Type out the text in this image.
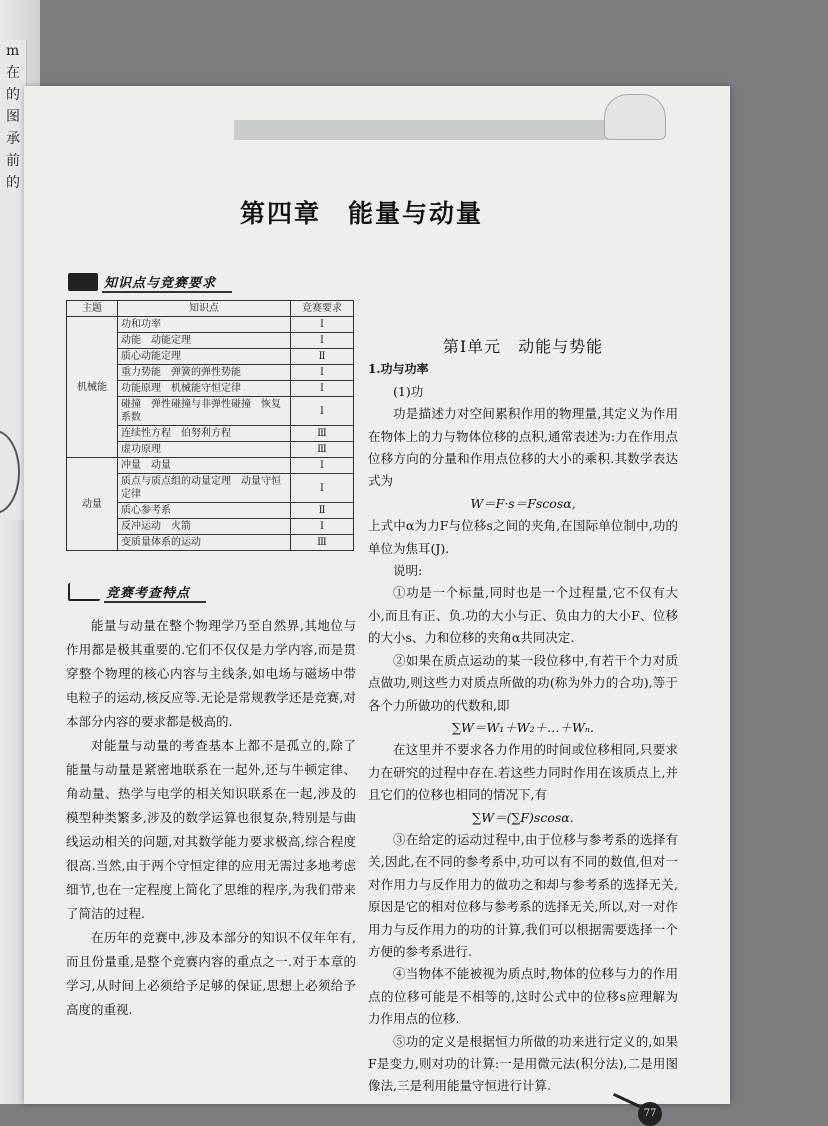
m
在
的
图
承
前
的
第四章　能量与动量
知识点与竞赛要求
主题	知识点	竞赛要求
机械能	功和功率	Ⅰ
	动能　动能定理	Ⅰ
	质心动能定理	Ⅱ
	重力势能　弹簧的弹性势能	Ⅰ
	功能原理　机械能守恒定律	Ⅰ
	碰撞　弹性碰撞与非弹性碰撞　恢复系数	Ⅰ
	连续性方程　伯努利方程	Ⅲ
	虚功原理	Ⅲ
动量	冲量　动量	Ⅰ
	质点与质点组的动量定理　动量守恒定律	Ⅰ
	质心参考系	Ⅱ
	反冲运动　火箭	Ⅰ
	变质量体系的运动	Ⅲ
竞赛考查特点

能量与动量在整个物理学乃至自然界,其地位与作用都是极其重要的.它们不仅仅是力学内容,而是贯穿整个物理的核心内容与主线条,如电场与磁场中带电粒子的运动,核反应等.无论是常规教学还是竞赛,对本部分内容的要求都是极高的.

对能量与动量的考查基本上都不是孤立的,除了能量与动量是紧密地联系在一起外,还与牛顿定律、角动量、热学与电学的相关知识联系在一起,涉及的模型种类繁多,涉及的数学运算也很复杂,特别是与曲线运动相关的问题,对其数学能力要求极高,综合程度很高.当然,由于两个守恒定律的应用无需过多地考虑细节,也在一定程度上简化了思维的程序,为我们带来了简洁的过程.

在历年的竞赛中,涉及本部分的知识不仅年年有,而且份量重,是整个竞赛内容的重点之一.对于本章的学习,从时间上必须给予足够的保证,思想上必须给予高度的重视.

第Ⅰ单元　动能与势能

1.功与功率

(1)功

功是描述力对空间累积作用的物理量,其定义为作用在物体上的力与物体位移的点积,通常表述为:力在作用点位移方向的分量和作用点位移的大小的乘积.其数学表达式为

W＝F·s＝Fscosα,

上式中α为力F与位移s之间的夹角,在国际单位制中,功的单位为焦耳(J).

说明:

①功是一个标量,同时也是一个过程量,它不仅有大小,而且有正、负.功的大小与正、负由力的大小F、位移的大小s、力和位移的夹角α共同决定.

②如果在质点运动的某一段位移中,有若干个力对质点做功,则这些力对质点所做的功(称为外力的合功),等于各个力所做功的代数和,即

∑W＝W₁＋W₂＋…＋Wₙ.

在这里并不要求各力作用的时间或位移相同,只要求力在研究的过程中存在.若这些力同时作用在该质点上,并且它们的位移也相同的情况下,有

∑W＝(∑F)scosα.

③在给定的运动过程中,由于位移与参考系的选择有关,因此,在不同的参考系中,功可以有不同的数值,但对一对作用力与反作用力的做功之和却与参考系的选择无关,原因是它的相对位移与参考系的选择无关,所以,对一对作用力与反作用力的功的计算,我们可以根据需要选择一个方便的参考系进行.

④当物体不能被视为质点时,物体的位移与力的作用点的位移可能是不相等的,这时公式中的位移s应理解为力作用点的位移.

⑤功的定义是根据恒力所做的功来进行定义的,如果F是变力,则对功的计算:一是用微元法(积分法),二是用图像法,三是利用能量守恒进行计算.

77
